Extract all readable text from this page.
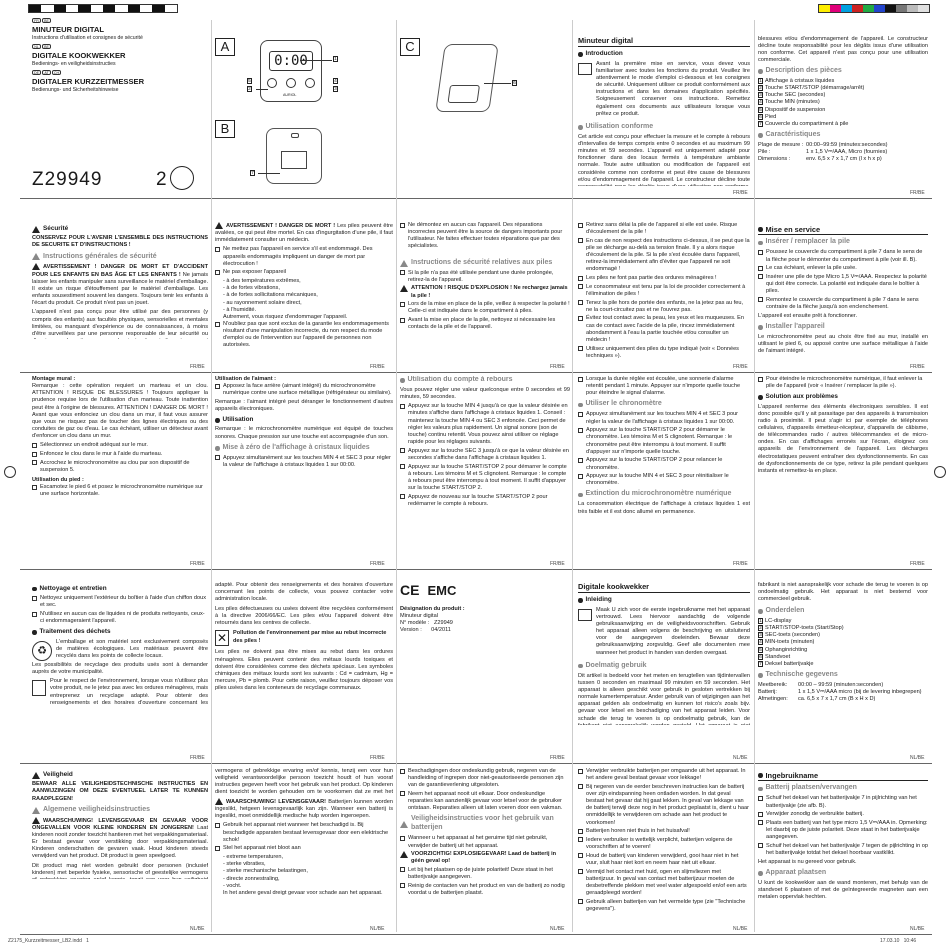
FR BE
MINUTEUR DIGITAL
Instructions d'utilisation et consignes de sécurité
NL BE
DIGITALE KOOKWEKKER
Bedienings- en veiligheidsinstructies
DE AT CH
DIGITALER KURZZEITMESSER
Bedienungs- und Sicherheitshinweise
Z29949	2
A
0:00
AURIOL
1
2	3
4
5
B
7
C
6
Minuteur digital
Introduction
Avant la première mise en service, vous devez vous familiariser avec toutes les fonctions du produit. Veuillez lire attentivement le mode d'emploi ci-dessous et les consignes de sécurité. Uniquement utiliser ce produit conformément aux instructions et dans les domaines d'application spécifiés. Soigneusement conserver ces instructions. Remettez également ces documents aux utilisateurs lorsque vous prêtez ce produit.
Utilisation conforme
Cet article est conçu pour effectuer la mesure et le compte à rebours d'intervalles de temps compris entre 0 secondes et au maximum 99 minutes et 59 secondes. L'appareil est uniquement adapté pour fonctionner dans des locaux fermés à température ambiante normale. Toute autre utilisation ou modification de l'appareil est considérée comme non conforme et peut être cause de blessures et/ou d'endommagement de l'appareil. Le constructeur décline toute
blessures et/ou d'endommagement de l'appareil. Le constructeur décline toute responsabilité pour les dégâts issus d'une utilisation non conforme. Cet appareil n'est pas conçu pour une utilisation commerciale.
Description des pièces
1 Affichage à cristaux liquides
2 Touche START/STOP (démarrage/arrêt)
3 Touche SEC (secondes)
4 Touche MIN (minutes)
5 Dispositif de suspension
6 Pied
7 Couvercle du compartiment à pile
Caractéristiques
Plage de mesure : 00:00–99:59 (minutes:secondes)
Pile :	1 x 1,5 V⎓/AAA, Micro (fournies)
Dimensions :	env. 6,5 x 7 x 1,7 cm (l x h x p)
FR/BE	FR/BE
Sécurité
CONSERVEZ POUR L'AVENIR L'ENSEMBLE DES INSTRUCTIONS DE SECURITE ET D'INSTRUCTIONS !
Instructions générales de sécurité
AVERTISSEMENT ! DANGER DE MORT ET D'ACCIDENT POUR LES ENFANTS EN BAS ÂGE ET LES ENFANTS ! Ne jamais laisser les enfants manipuler sans surveillance le matériel d'emballage. Il existe un risque d'étouffement par le matériel d'emballage. Les enfants sousestiment souvent les dangers. Toujours tenir les enfants à l'écart du produit. Ce produit n'est pas un jouet.
L'appareil n'est pas conçu pour être utilisé par des personnes (y compris des enfants) aux facultés physiques, sensorielles et mentales limitées, ou manquant d'expérience ou de connaissances, à moins d'être surveillées par une personne responsable de leur sécurité ou
AVERTISSEMENT ! DANGER DE MORT ! Les piles peuvent être avalées, ce qui peut être mortel. En cas d'ingurgitation d'une pile, il faut immédiatement consulter un médecin.
Ne mettez pas l'appareil en service s'il est endommagé. Des appareils endommagés impliquent un danger de mort par électrocution !
Ne pas exposer l'appareil
- à des températures extrêmes,
- à de fortes vibrations,
- à de fortes sollicitations mécaniques,
- au rayonnement solaire direct,
- à l'humidité.
Autrement, vous risquez d'endommager l'appareil.
N'oubliez pas que sont exclus de la garantie les endommagements résultant d'une manipulation incorrecte, du non respect du mode d'emploi ou de l'intervention sur l'appareil de personnes non autorisées.
Ne démontez en aucun cas l'appareil. Des réparations incorrectes peuvent être la source de dangers importants pour l'utilisateur. Ne faites effectuer toutes réparations que par des spécialistes.
Instructions de sécurité relatives aux piles
Si la pile n'a pas été utilisée pendant une durée prolongée, retirez-la de l'appareil.
ATTENTION ! RISQUE D'EXPLOSION ! Ne rechargez jamais la pile !
Lors de la mise en place de la pile, veillez à respecter la polarité ! Celle-ci est indiquée dans le compartiment à piles.
Avant la mise en place de la pile, nettoyez si nécessaire les contacts de la pile et de l'appareil.
Retirez sans délai la pile de l'appareil si elle est usée. Risque d'écoulement de la pile !
En cas de non respect des instructions ci-dessus, il se peut que la pile se décharge au-delà sa tension finale. Il y a alors risque d'écoulement de la pile. Si la pile s'est écoulée dans l'appareil, retirez-la immédiatement afin d'éviter que l'appareil ne soit endommagé !
Les piles ne font pas partie des ordures ménagères !
Le consommateur est tenu par la loi de procéder correctement à l'élimination de piles !
Tenez la pile hors de portée des enfants, ne la jetez pas au feu, ne la court-circuitez pas et ne l'ouvrez pas.
Évitez tout contact avec la peau, les yeux et les muqueuses. En cas de contact avec l'acide de la pile, rincez immédiatement abondamment à l'eau la partie touchée et/ou consulter un médecin !
Utilisez uniquement des piles du type indiqué (voir « Données techniques »).
Mise en service
Insérer / remplacer la pile
Poussez le couvercle du compartiment à pile 7 dans le sens de la flèche pour le démonter du compartiment à pile (voir ill. B).
Le cas échéant, enlever la pile usée.
Insérer une pile de type Micro 1,5 V⎓/AAA. Respectez la polarité qui doit être correcte. La polarité est indiquée dans le boîtier à piles.
Remontez le couvercle du compartiment à pile 7 dans le sens contraire de la flèche jusqu'à son enclenchement.
L'appareil est ensuite prêt à fonctionner.
Installer l'appareil
Le microchronomètre peut au choix être fixé au mur, installé en utilisant le pied 6, ou apposé contre une surface métallique à l'aide de l'aimant intégré.
FR/BE	FR/BE	FR/BE	FR/BE	FR/BE
Montage mural :
Remarque : cette opération requiert un marteau et un clou. ATTENTION ! RISQUE DE BLESSURES ! Toujours appliquer la prudence requise lors de l'utilisation d'un marteau. Toute inattention peut être à l'origine de blessures. ATTENTION ! DANGER DE MORT ! Avant que vous enfonciez un clou dans un mur, il faut vous assurer que vous ne risquez pas de toucher des lignes électriques ou des conduites de gaz ou d'eau. Le cas échéant, utiliser un détecteur avant d'enfoncer un clou dans un mur.
Sélectionnez un endroit adéquat sur le mur.
Enfoncez le clou dans le mur à l'aide du marteau.
Accrochez le microchronomètre au clou par son dispositif de suspension 5.
Utilisation du pied :
Escamotez le pied 6 et posez le microchronomètre numérique sur une surface horizontale.
Utilisation de l'aimant :
Apposez la face arrière (aimant intégré) du microchronomètre numérique contre une surface métallique (réfrigérateur ou similaire).
Remarque : l'aimant intégré peut déranger le fonctionnement d'autres appareils électroniques.
Utilisation
Remarque : le microchronomètre numérique est équipé de touches sonores. Chaque pression sur une touche est accompagnée d'un son.
Mise à zéro de l'affichage à cristaux liquides
Appuyez simultanément sur les touches MIN 4 et SEC 3 pour régler la valeur de l'affichage à cristaux liquides 1 sur 00:00.
Utilisation du compte à rebours
Vous pouvez régler une valeur quelconque entre 0 secondes et 99 minutes, 59 secondes.
Appuyez sur la touche MIN 4 jusqu'à ce que la valeur désirée en minutes s'affiche dans l'affichage à cristaux liquides 1. Conseil : maintenez la touche MIN 4 ou SEC 3 enfoncée. Ceci permet de régler les valeurs plus rapidement. Un signal sonore (son de touche) continu retentit. Vous pouvez ainsi utiliser ce réglage rapide pour les réglages suivants.
Appuyez sur la touche SEC 3 jusqu'à ce que la valeur désirée en secondes s'affiche dans l'affichage à cristaux liquides 1.
Appuyez sur la touche START/STOP 2 pour démarrer le compte à rebours. Les témoins M et S clignotent. Remarque : le compte à rebours peut être interrompu à tout moment. Il suffit d'appuyer sur la touche START/STOP 2.
Appuyez de nouveau sur la touche START/STOP 2 pour redémarrer le compte à rebours.
Lorsque la durée réglée est écoulée, une sonnerie d'alarme retentit pendant 1 minute. Appuyer sur n'importe quelle touche pour éteindre le signal d'alarme.
Utiliser le chronomètre
Appuyez simultanément sur les touches MIN 4 et SEC 3 pour régler la valeur de l'affichage à cristaux liquides 1 sur 00:00.
Appuyez sur la touche START/STOP 2 pour démarrer le chronomètre. Les témoins M et S clignotent. Remarque : le chronomètre peut être interrompu à tout moment. Il suffit d'appuyer sur n'importe quelle touche.
Appuyez sur la touche START/STOP 2 pour relancer le chronomètre.
Appuyez sur la touche MIN 4 et SEC 3 pour réinitialiser le chronomètre.
Extinction du microchronomètre numérique
La consommation électrique de l'affichage à cristaux liquides 1 est très faible et il est donc allumé en permanence.
Pour éteindre le microchronomètre numérique, il faut enlever la pile de l'appareil (voir « Insérer / remplacer la pile »).
Solution aux problèmes
L'appareil renferme des éléments électroniques sensibles. Il est donc possible qu'il y ait parasitage par des appareils à transmission radio à proximité. Il peut s'agir ici par exemple de téléphones cellulaires, d'appareils émetteur-récepteur, d'appareils de câbisme, de télécommandes radio / autres télécommandes et de micro-ondes. En cas d'affichages erronés sur l'écran, éloignez ces appareils de l'environnement de l'appareil. Les décharges électrostatiques peuvent entraîner des dysfonctionnements. En cas de dysfonctionnements de ce type, retirez la pile pendant quelques instants et remettez-la en place.
FR/BE	FR/BE	FR/BE	FR/BE	FR/BE
Nettoyage et entretien
Nettoyez uniquement l'extérieur du boîtier à l'aide d'un chiffon doux et sec.
N'utilisez en aucun cas de liquides ni de produits nettoyants, ceux-ci endommageraient l'appareil.
Traitement des déchets
♻
L'emballage et son matériel sont exclusivement composés de matières écologiques. Les matériaux peuvent être recyclés dans les points de collecte locaux.
Les possibilités de recyclage des produits usés sont à demander auprès de votre municipalité.
Pour le respect de l'environnement, lorsque vous n'utilisez plus votre produit, ne le jetez pas avec les ordures ménagères, mais entreprenez un recyclage adapté. Pour obtenir des renseignements et des horaires d'ouverture concernant les
adapté. Pour obtenir des renseignements et des horaires d'ouverture concernant les points de collecte, vous pouvez contacter votre administration locale.
Les piles défectueuses ou usées doivent être recyclées conformément à la directive 2006/66/EC. Les piles et/ou l'appareil doivent être retournés dans les centres de collecte.
✕	Pollution de l'environnement par mise au rebut incorrecte des piles !
Les piles ne doivent pas être mises au rebut dans les ordures ménagères. Elles peuvent contenir des métaux lourds toxiques et doivent être considérées comme des déchets spéciaux. Les symboles chimiques des métaux lourds sont les suivants : Cd = cadmium, Hg = mercure, Pb = plomb. Pour cette raison, veuillez toujours déposer vos piles usées dans les conteneurs de recyclage communaux.
CE EMC
Désignation du produit :
Minuteur digital
N° modèle :   Z29949
Version :      04/2011
Digitale kookwekker
Inleiding
Maak U zich voor de eerste ingebruikname met het apparaat vertrouwd. Lees hiervoor aandachtig de volgende gebruiksaanwijzing en de veiligheidsvoorschriften. Gebruik het apparaat alleen volgens de beschrijving en uitsluitend voor de aangegeven doeleinden. Bewaar deze gebruiksaanwijzing zorgvuldig. Geef alle documenten mee wanneer het product in handen van derden overgaat.
Doelmatig gebruik
Dit artikel is bedoeld voor het meten en terugtellen van tijdintervallen tussen 0 seconden en maximaal 99 minuten en 59 seconden. Het apparaat is alleen geschikt voor gebruik in gesloten vertrekken bij normale kamertemperatuur. Ander gebruik van of wijzigingen aan het apparaat gelden als ondoelmatig en kunnen tot risico's zoals bijv. gevaar voor letsel en beschadiging van het apparaat leiden. Voor schade die terug te voeren is op ondoelmatig gebruik, kan de
fabrikant is niet aansprakelijk voor schade die terug te voeren is op ondoelmatig gebruik. Het apparaat is niet bestemd voor commercieel gebruik.
Onderdelen
1 LC-display
2 START/STOP-toets (Start/Stop)
3 SEC-toets (seconden)
4 MIN-toets (minuten)
5 Ophanginrichting
6 Standvoet
7 Deksel batterijvakje
Technische gegevens
Meetbereik:	00:00 – 99:59 (minuten:seconden)
Batterij:	1 x 1,5 V⎓/AAA micro (bij de levering inbegrepen)
Afmetingen:	ca. 6,5 x 7 x 1,7 cm (B x H x D)
FR/BE	FR/BE	FR/BE	NL/BE	NL/BE
Veiligheid
BEWAAR ALLE VEILIGHEIDSTECHNISCHE INSTRUCTIES EN AANWIJZINGEN OM DEZE EVENTUEEL LATER TE KUNNEN RAADPLEGEN!
Algemene veiligheidsinstructies
WAARSCHUWING! LEVENSGEVAAR EN GEVAAR VOOR ONGEVALLEN VOOR KLEINE KINDEREN EN JONGEREN! Laat kinderen nooit zonder toezicht hantieren met het verpakkingsmateriaal. Er bestaat gevaar voor verstikking door verpakkingsmateriaal. Kinderen onderschatten de gevaren vaak. Houd kinderen steeds verwijderd van het product. Dit product is geen speelgoed.
Dit product mag niet worden gebruikt door personen (inclusief kinderen) met beperkte fysieke, sensorische of geestelijke vermogens
vermogens of gebrekkige ervaring en/of kennis, tenzij een voor hun veiligheid verantwoordelijke persoon toezicht houdt of hun vooraf instructies gegeven heeft voor het gebruik van het product. Op kinderen dient toezicht te worden gehouden om te voorkomen dat ze met het
WAARSCHUWING! LEVENSGEVAAR! Batterijen kunnen worden ingeslikt, hetgeen levensgevaarlijk kan zijn. Wanneer een batterij is ingeslikt, moet onmiddellijk medische hulp worden ingeroepen.
Gebruik het apparaat niet wanneer het beschadigd is. Bij beschadigde apparaten bestaat levensgevaar door een elektrische schok!
Stel het apparaat niet bloot aan
- extreme temperaturen,
- sterke vibraties,
- sterke mechanische belastingen,
- directe zonnestraling,
- vocht.
In het andere geval dreigt gevaar voor schade aan het apparaat.
Beschadigingen door ondeskundig gebruik, negeren van de handleiding of ingrepen door niet-geautoriseerde personen zijn van de garantieverlening uitgesloten.
Neem het apparaat nooit uit elkaar. Door ondeskundige reparaties kan aanzienlijk gevaar voor letsel voor de gebruiker ontstaan. Reparaties alleen uit laten voeren door een vakman.
Veiligheidsinstructies voor het gebruik van batterijen
Wanneer u het apparaat al het geruime tijd niet gebruikt, verwijder de batterij uit het apparaat.
VOORZICHTIG! EXPLOSIEGEVAAR! Laad de batterij in géén geval op!
Let bij het plaatsen op de juiste polariteit! Deze staat in het batterijvakje aangegeven.
Reinig de contacten van het product en van de batterij zo nodig voordat u de batterijen plaatst.
Verwijder verbruikte batterijen per omgaande uit het apparaat. In het andere geval bestaat gevaar voor lekkage!
Bij negeren van de eerder beschreven instructies kan de batterij over zijn eindspanning heen ontladen worden. In dat geval bestaat het gevaar dat hij gaat lekken. In geval van lekkage van de batterij terwijl deze nog in het product geplaatst is, dient u haar onmiddellijk te verwijderen om schade aan het product te voorkomen!
Batterijen horen niet thuis in het huisafval!
Iedere verbruiker is wettelijk verplicht, batterijen volgens de voorschriften af te voeren!
Houd de batterij van kinderen verwijderd, gooi haar niet in het vuur, sluit haar niet kort en neem haar niet uit elkaar.
Vermijd het contact met huid, ogen en slijmvliezen met batterijzuur. In geval van contact met batterijzuur moeten de desbetreffende plekken met veel water afgespoeld en/of een arts geraadpleegd worden!
Gebruik alleen batterijen van het vermelde type (zie "Technische gegevens").
Ingebruikname
Batterij plaatsen/vervangen
Schuif het deksel van het batterijvakje 7 in pijlrichting van het batterijvakje (zie afb. B).
Verwijder zonodig de verbruikte batterij.
Plaats een batterij van het type micro 1,5 V⎓/AAA in. Opmerking: let daarbij op de juiste polariteit. Deze staat in het batterijvakje aangegeven.
Schuif het deksel van het batterijvakje 7 tegen de pijlrichting in op het batterijvakje totdat het deksel hoorbaar vastklikt.
Het apparaat is nu gereed voor gebruik.
Apparaat plaatsen
U kunt de kookwekker aan de wand monteren, met behulp van de standvoet 6 plaatsen of met de geïntegreerde magneten aan een metalen oppervlak hechten.
NL/BE	NL/BE	NL/BE	NL/BE	NL/BE
Z2175_Kurzzeitmesser_LB2.indd   1	17.03.10   10:46
